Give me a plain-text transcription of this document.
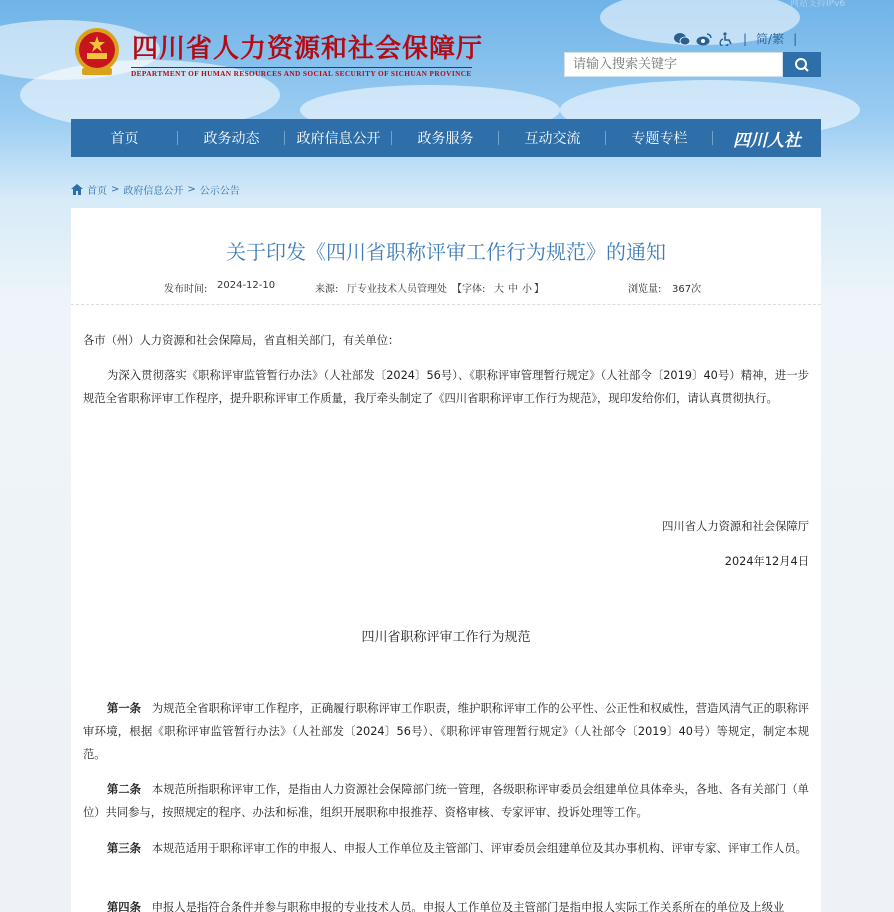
网站支持IPv6
四川省人力资源和社会保障厅
DEPARTMENT OF HUMAN RESOURCES AND SOCIAL SECURITY OF SICHUAN PROVINCE
| 简/繁 |
请输入搜索关键字
首页	政务动态	政府信息公开	政务服务	互动交流	专题专栏	四川人社
首页 > 政府信息公开 > 公示公告
关于印发《四川省职称评审工作行为规范》的通知
发布时间: 2024-12-10	来源: 厅专业技术人员管理处 【字体: 大 中 小 】	浏览量: 367次
各市（州）人力资源和社会保障局，省直相关部门，有关单位：
为深入贯彻落实《职称评审监管暂行办法》（人社部发〔2024〕56号）、《职称评审管理暂行规定》（人社部令〔2019〕40号）精神，进一步规范全省职称评审工作程序，提升职称评审工作质量，我厅牵头制定了《四川省职称评审工作行为规范》，现印发给你们，请认真贯彻执行。
四川省人力资源和社会保障厅
2024年12月4日
四川省职称评审工作行为规范
第一条 为规范全省职称评审工作程序，正确履行职称评审工作职责，维护职称评审工作的公平性、公正性和权威性，营造风清气正的职称评审环境，根据《职称评审监管暂行办法》（人社部发〔2024〕56号）、《职称评审管理暂行规定》（人社部令〔2019〕40号）等规定，制定本规范。
第二条 本规范所指职称评审工作，是指由人力资源社会保障部门统一管理，各级职称评审委员会组建单位具体牵头，各地、各有关部门（单位）共同参与，按照规定的程序、办法和标准，组织开展职称申报推荐、资格审核、专家评审、投诉处理等工作。
第三条 本规范适用于职称评审工作的申报人、申报人工作单位及主管部门、评审委员会组建单位及其办事机构、评审专家、评审工作人员。
第四条 申报人是指符合条件并参与职称申报的专业技术人员。申报人工作单位及主管部门是指申报人实际工作关系所在的单位及上级业
